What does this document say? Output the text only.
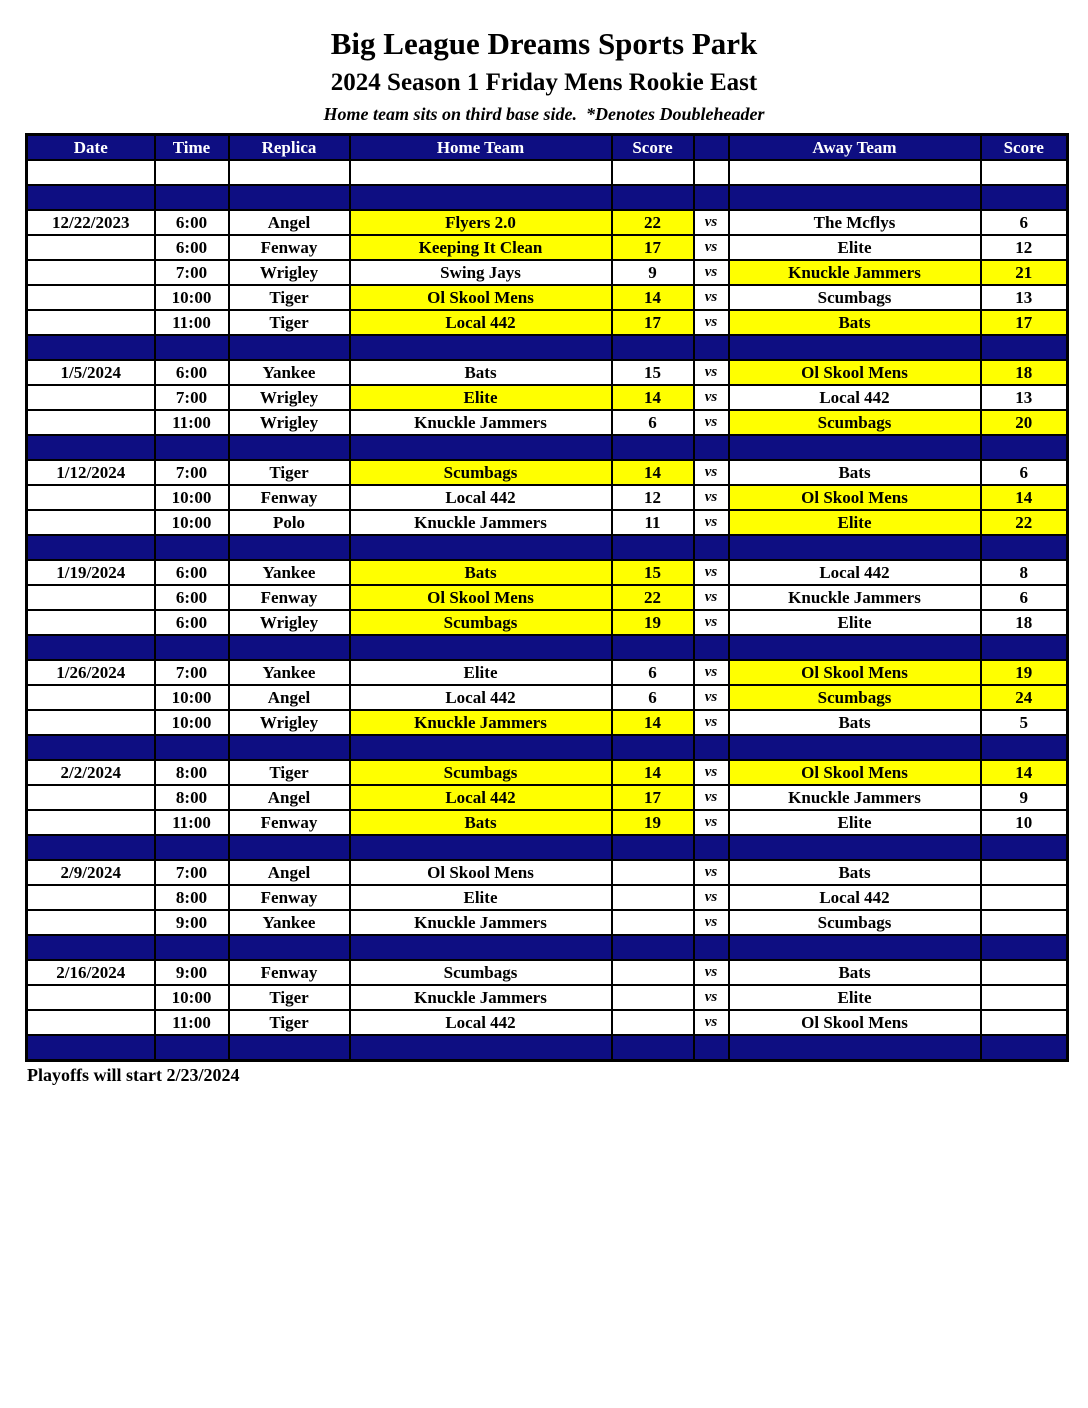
Big League Dreams Sports Park
2024 Season 1 Friday Mens Rookie East
Home team sits on third base side.  *Denotes Doubleheader
Date	Time	Replica	Home Team	Score		Away Team	Score

12/22/2023	6:00	Angel	Flyers 2.0	22	vs	The Mcflys	6
	6:00	Fenway	Keeping It Clean	17	vs	Elite	12
	7:00	Wrigley	Swing Jays	9	vs	Knuckle Jammers	21
	10:00	Tiger	Ol Skool Mens	14	vs	Scumbags	13
	11:00	Tiger	Local 442	17	vs	Bats	17

1/5/2024	6:00	Yankee	Bats	15	vs	Ol Skool Mens	18
	7:00	Wrigley	Elite	14	vs	Local 442	13
	11:00	Wrigley	Knuckle Jammers	6	vs	Scumbags	20

1/12/2024	7:00	Tiger	Scumbags	14	vs	Bats	6
	10:00	Fenway	Local 442	12	vs	Ol Skool Mens	14
	10:00	Polo	Knuckle Jammers	11	vs	Elite	22

1/19/2024	6:00	Yankee	Bats	15	vs	Local 442	8
	6:00	Fenway	Ol Skool Mens	22	vs	Knuckle Jammers	6
	6:00	Wrigley	Scumbags	19	vs	Elite	18

1/26/2024	7:00	Yankee	Elite	6	vs	Ol Skool Mens	19
	10:00	Angel	Local 442	6	vs	Scumbags	24
	10:00	Wrigley	Knuckle Jammers	14	vs	Bats	5

2/2/2024	8:00	Tiger	Scumbags	14	vs	Ol Skool Mens	14
	8:00	Angel	Local 442	17	vs	Knuckle Jammers	9
	11:00	Fenway	Bats	19	vs	Elite	10

2/9/2024	7:00	Angel	Ol Skool Mens		vs	Bats	
	8:00	Fenway	Elite		vs	Local 442	
	9:00	Yankee	Knuckle Jammers		vs	Scumbags	

2/16/2024	9:00	Fenway	Scumbags		vs	Bats	
	10:00	Tiger	Knuckle Jammers		vs	Elite	
	11:00	Tiger	Local 442		vs	Ol Skool Mens	

Playoffs will start 2/23/2024
